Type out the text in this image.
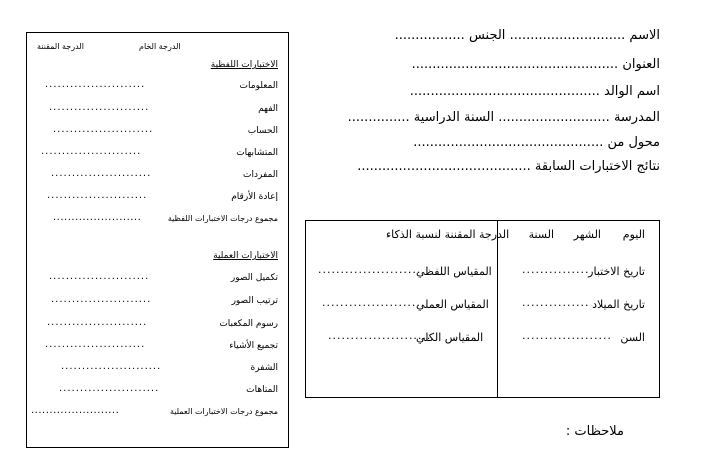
الدرجة الخام
الدرجة المقننة
الاختبارات اللفظية
المعلومات
........................
الفهم
........................
الحساب
........................
المتشابهات
........................
المفردات
........................
إعادة الأرقام
........................
مجموع درجات الاختبارات اللفظية
........................
الاختبارات العملية
تكميل الصور
........................
ترتيب الصور
........................
رسوم المكعبات
........................
تجميع الأشياء
........................
الشفرة
........................
المتاهات
........................
مجموع درجات الاختبارات العملية
........................
الاسم ............................ الجنس .................
العنوان ..................................................
اسم الوالد ..............................................
المدرسة ........................... السنة الدراسية ...............
محول من ..............................................
نتائج الاختبارات السابقة ..........................................
اليوم
الشهر
السنة
تاريخ الاختبار
...............
تاريخ الميلاد
...............
السن
....................
الدرجة المقننة لنسبة الذكاء
المقياس اللفظي
.......................
المقياس العملي
.......................
المقياس الكلي
.......................
ملاحظات :
